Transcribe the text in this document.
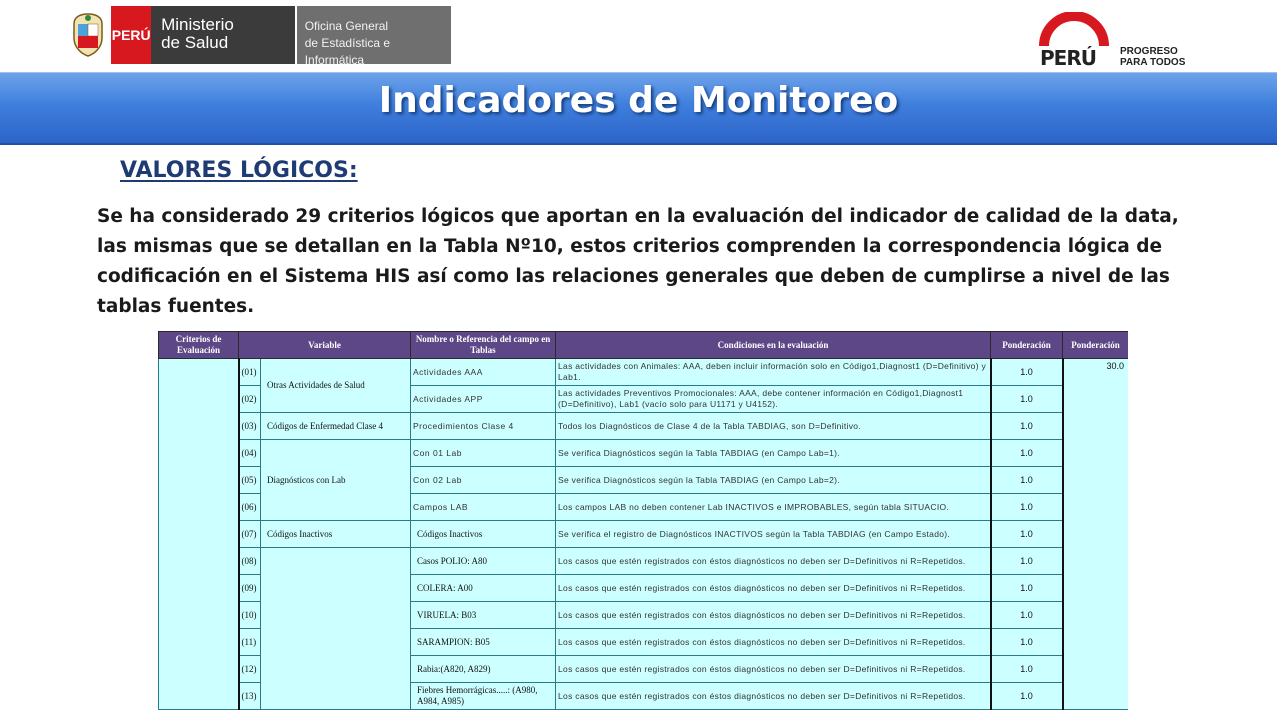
PERÚ
Ministerio
de Salud
Oficina General
de Estadística e Informática	PERÚ PROGRESO
PARA TODOS
Indicadores de Monitoreo
VALORES LÓGICOS:
Se ha considerado 29 criterios lógicos que aportan en la evaluación del indicador de calidad de la data, las mismas que se detallan en la Tabla Nº10, estos criterios comprenden la correspondencia lógica de codificación en el Sistema HIS así como las relaciones generales que deben de cumplirse a nivel de las tablas fuentes.
Criterios de Evaluación	Variable		Nombre o Referencia del campo en Tablas	Condiciones en la evaluación	Ponderación	Ponderación
	(01)	Otras Actividades de Salud	Actividades AAA	Las actividades con Animales: AAA, deben incluir información solo en Código1,Diagnost1 (D=Definitivo) y Lab1.	1.0	30.0
	(02)		Actividades APP	Las actividades Preventivos Promocionales: AAA, debe contener información en Código1,Diagnost1 (D=Definitivo), Lab1 (vacío solo para U1171 y U4152).	1.0	
	(03)	Códigos de Enfermedad Clase 4	Procedimientos Clase 4	Todos los Diagnósticos de Clase 4 de la Tabla TABDIAG, son D=Definitivo.	1.0	
	(04)	Diagnósticos con Lab	Con 01 Lab	Se verifica Diagnósticos según la Tabla TABDIAG (en Campo Lab=1).	1.0	
	(05)		Con 02 Lab	Se verifica Diagnósticos según la Tabla TABDIAG (en Campo Lab=2).	1.0	
	(06)		Campos LAB	Los campos LAB no deben contener Lab INACTIVOS e IMPROBABLES, según tabla SITUACIO.	1.0	
	(07)	Códigos Inactivos	Códigos Inactivos	Se verifica el registro de Diagnósticos INACTIVOS según la Tabla TABDIAG (en Campo Estado).	1.0	
	(08)		Casos POLIO: A80	Los casos que estén registrados con éstos diagnósticos no deben ser D=Definitivos ni R=Repetidos.	1.0	
	(09)		COLERA: A00	Los casos que estén registrados con éstos diagnósticos no deben ser D=Definitivos ni R=Repetidos.	1.0	
	(10)		VIRUELA: B03	Los casos que estén registrados con éstos diagnósticos no deben ser D=Definitivos ni R=Repetidos.	1.0	
	(11)		SARAMPION: B05	Los casos que estén registrados con éstos diagnósticos no deben ser D=Definitivos ni R=Repetidos.	1.0	
	(12)		Rabia:(A820, A829)	Los casos que estén registrados con éstos diagnósticos no deben ser D=Definitivos ni R=Repetidos.	1.0	
	(13)		Fiebres Hemorrágicas.....: (A980, A984, A985)	Los casos que estén registrados con éstos diagnósticos no deben ser D=Definitivos ni R=Repetidos.	1.0	
